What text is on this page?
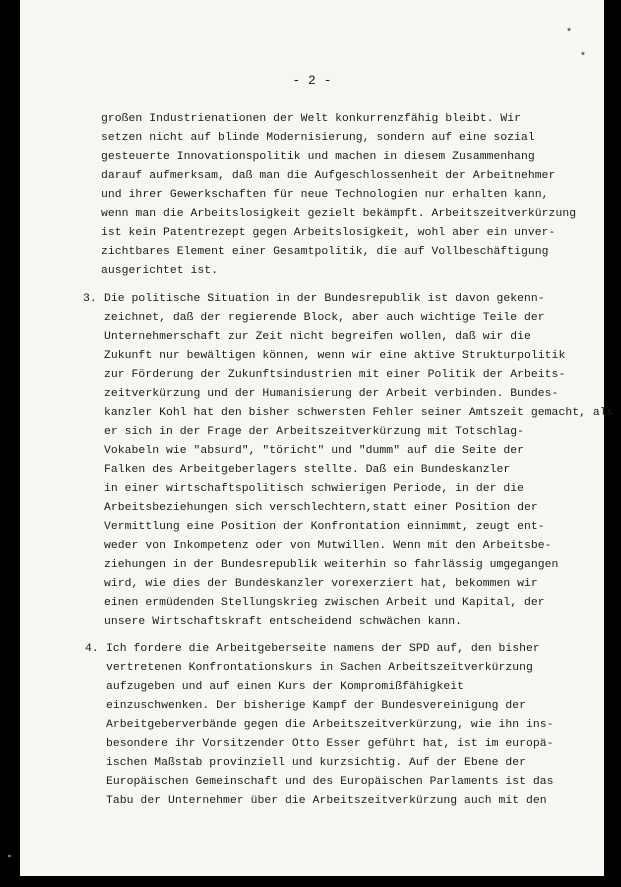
*
*
- 2 -
großen Industrienationen der Welt konkurrenzfähig bleibt. Wir
setzen nicht auf blinde Modernisierung, sondern auf eine sozial
gesteuerte Innovationspolitik und machen in diesem Zusammenhang
darauf aufmerksam, daß man die Aufgeschlossenheit der Arbeitnehmer
und ihrer Gewerkschaften für neue Technologien nur erhalten kann,
wenn man die Arbeitslosigkeit gezielt bekämpft. Arbeitszeitverkürzung
ist kein Patentrezept gegen Arbeitslosigkeit, wohl aber ein unver-
zichtbares Element einer Gesamtpolitik, die auf Vollbeschäftigung
ausgerichtet ist.
3. Die politische Situation in der Bundesrepublik ist davon gekenn-
zeichnet, daß der regierende Block, aber auch wichtige Teile der
Unternehmerschaft zur Zeit nicht begreifen wollen, daß wir die
Zukunft nur bewältigen können, wenn wir eine aktive Strukturpolitik
zur Förderung der Zukunftsindustrien mit einer Politik der Arbeits-
zeitverkürzung und der Humanisierung der Arbeit verbinden. Bundes-
kanzler Kohl hat den bisher schwersten Fehler seiner Amtszeit gemacht, als
er sich in der Frage der Arbeitszeitverkürzung mit Totschlag-
Vokabeln wie "absurd", "töricht" und "dumm" auf die Seite der
Falken des Arbeitgeberlagers stellte. Daß ein Bundeskanzler
in einer wirtschaftspolitisch schwierigen Periode, in der die
Arbeitsbeziehungen sich verschlechtern,statt einer Position der
Vermittlung eine Position der Konfrontation einnimmt, zeugt ent-
weder von Inkompetenz oder von Mutwillen. Wenn mit den Arbeitsbe-
ziehungen in der Bundesrepublik weiterhin so fahrlässig umgegangen
wird, wie dies der Bundeskanzler vorexerziert hat, bekommen wir
einen ermüdenden Stellungskrieg zwischen Arbeit und Kapital, der
unsere Wirtschaftskraft entscheidend schwächen kann.
4. Ich fordere die Arbeitgeberseite namens der SPD auf, den bisher
vertretenen Konfrontationskurs in Sachen Arbeitszeitverkürzung
aufzugeben und auf einen Kurs der Kompromißfähigkeit
einzuschwenken. Der bisherige Kampf der Bundesvereinigung der
Arbeitgeberverbände gegen die Arbeitszeitverkürzung, wie ihn ins-
besondere ihr Vorsitzender Otto Esser geführt hat, ist im europä-
ischen Maßstab provinziell und kurzsichtig. Auf der Ebene der
Europäischen Gemeinschaft und des Europäischen Parlaments ist das
Tabu der Unternehmer über die Arbeitszeitverkürzung auch mit den
